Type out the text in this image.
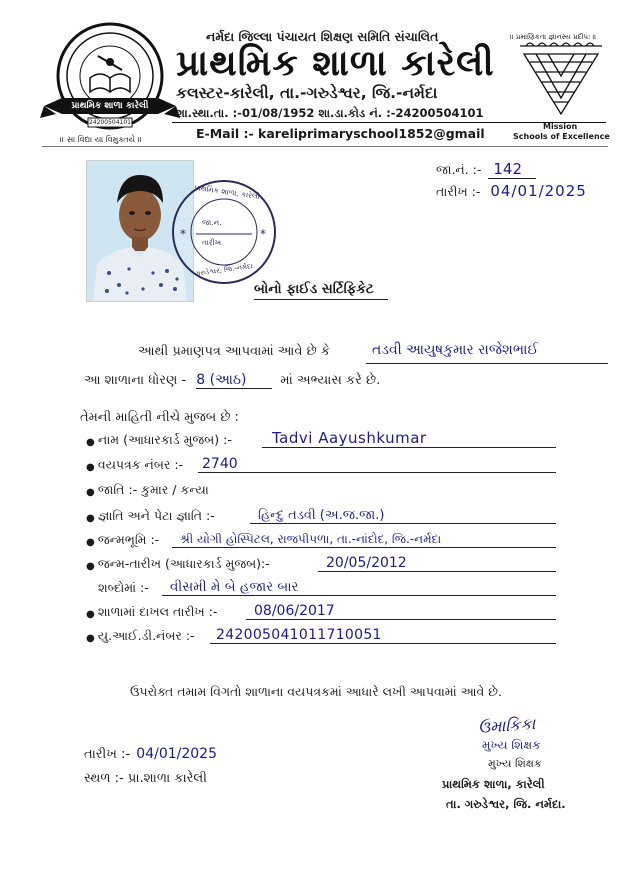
પ્રાથમિક શાળા કારેલી
24200504101
નર્મદા જિલ્લા પંચાયત શિક્ષણ સમિતિ સંચાલિત	॥ પ્રમાણિકતા જ્ઞાનસ્ય પ્રદીપ: ॥
પ્રાથમિક શાળા કારેલી
કલસ્ટર-કારેલી, તા.-ગરુડેશ્વર, જિ.-નર્મદા
શા.સ્થા.તા. :-01/08/1952 શા.ડા.કોડ નં. :-24200504101
E-Mail :- kareliprimaryschool1852@gmail
॥ સા વિદ્યા યા વિમુક્તયે ॥
Mission
Schools of Excellence
જા.નં. :- 142
તારીખ :- 04/01/2025
*	*
પ્રાથમિક શાળા, કારેલી
જા.નં.
તારીખ
ગરુડેશ્વર, જિ.-નર્મદા
બોનો ફાઈડ સર્ટિફિકેટ
આથી પ્રમાણપત્ર આપવામાં આવે છે કે	તડવી આયુષકુમાર રાજેશભાઈ
આ શાળાના ધોરણ - 8 (આઠ)	માં અભ્યાસ કરે છે.
તેમની માહિતી નીચે મુજબ છે :
● નામ (આધારકાર્ડ મુજબ) :-	Tadvi Aayushkumar
● વયપત્રક નંબર :- 2740
● જાતિ :- કુમાર / કન્યા
● જ્ઞાતિ અને પેટા જ્ઞાતિ :-	હિન્દુ તડવી (અ.જ.જા.)
● જન્મભૂમિ :- શ્રી યોગી હોસ્પિટલ, રાજપીપળા, તા.-નાંદોદ, જિ.-નર્મદા
● જન્મ-તારીખ (આધારકાર્ડ મુજબ):-	20/05/2012
શબ્દોમાં :- વીસમી મે બે હજાર બાર
● શાળામાં દાખલ તારીખ :-	08/06/2017
● યુ.આઈ.ડી.નંબર :- 242005041011710051
ઉપરોક્ત તમામ વિગતો શાળાના વયપત્રકમાં આધારે લખી આપવામાં આવે છે.
તારીખ :- 04/01/2025
સ્થળ :- પ્રા.શાળા કારેલી
ઉમાકિકા
મુખ્ય શિક્ષક
મુખ્ય શિક્ષક
પ્રાથમિક શાળા, કારેલી
તા. ગરુડેશ્વર, જિ. નર્મદા.
